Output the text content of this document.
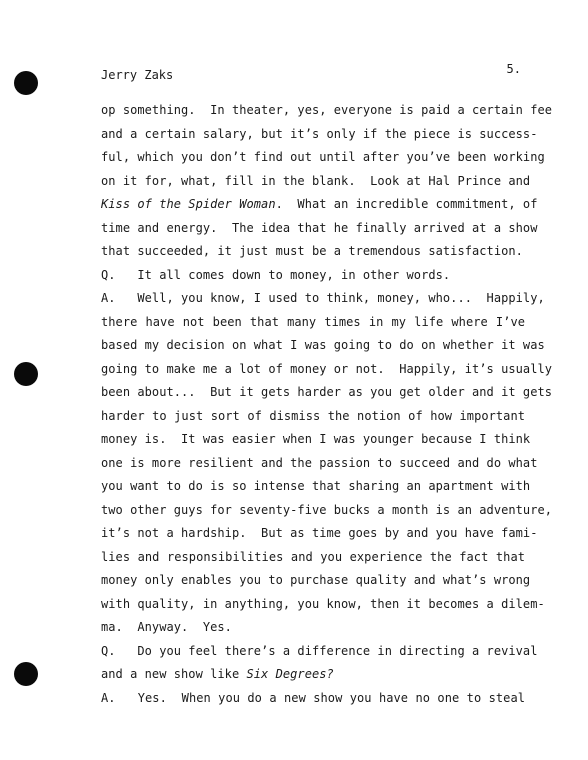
Jerry Zaks	5.
op something.  In theater, yes, everyone is paid a certain fee
and a certain salary, but it’s only if the piece is success-
ful, which you don’t find out until after you’ve been working
on it for, what, fill in the blank.  Look at Hal Prince and
Kiss of the Spider Woman.  What an incredible commitment, of
time and energy.  The idea that he finally arrived at a show
that succeeded, it just must be a tremendous satisfaction.
Q.   It all comes down to money, in other words.
A.   Well, you know, I used to think, money, who...  Happily,
there have not been that many times in my life where I’ve
based my decision on what I was going to do on whether it was
going to make me a lot of money or not.  Happily, it’s usually
been about...  But it gets harder as you get older and it gets
harder to just sort of dismiss the notion of how important
money is.  It was easier when I was younger because I think
one is more resilient and the passion to succeed and do what
you want to do is so intense that sharing an apartment with
two other guys for seventy-five bucks a month is an adventure,
it’s not a hardship.  But as time goes by and you have fami-
lies and responsibilities and you experience the fact that
money only enables you to purchase quality and what’s wrong
with quality, in anything, you know, then it becomes a dilem-
ma.  Anyway.  Yes.
Q.   Do you feel there’s a difference in directing a revival
and a new show like Six Degrees?
A.   Yes.  When you do a new show you have no one to steal
